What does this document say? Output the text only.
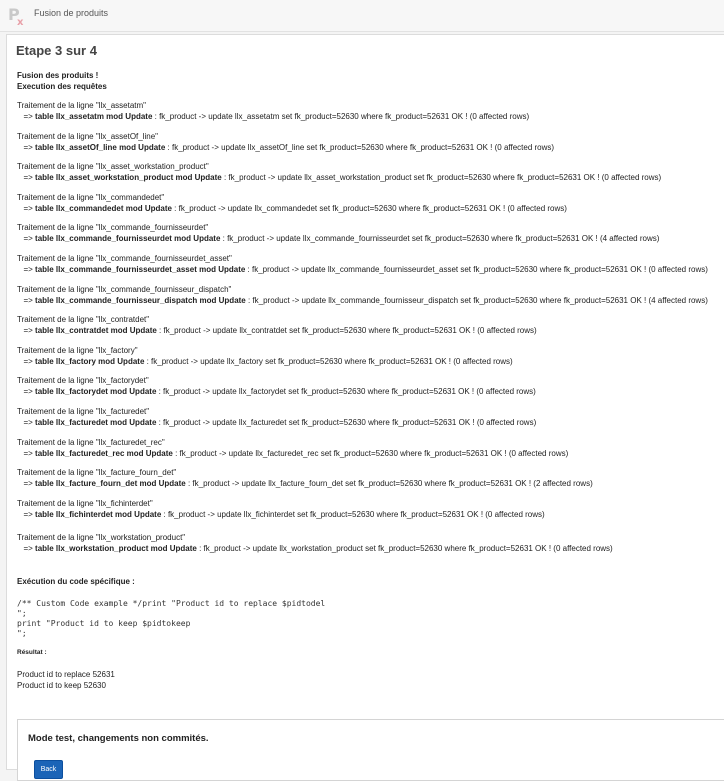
P
x
Fusion de produits
Etape 3 sur 4
Fusion des produits !
Execution des requêtes
Traitement de la ligne "llx_assetatm"
=> table llx_assetatm mod Update : fk_product -> update llx_assetatm set fk_product=52630 where fk_product=52631 OK ! (0 affected rows)
Traitement de la ligne "llx_assetOf_line"
=> table llx_assetOf_line mod Update : fk_product -> update llx_assetOf_line set fk_product=52630 where fk_product=52631 OK ! (0 affected rows)
Traitement de la ligne "llx_asset_workstation_product"
=> table llx_asset_workstation_product mod Update : fk_product -> update llx_asset_workstation_product set fk_product=52630 where fk_product=52631 OK ! (0 affected rows)
Traitement de la ligne "llx_commandedet"
=> table llx_commandedet mod Update : fk_product -> update llx_commandedet set fk_product=52630 where fk_product=52631 OK ! (0 affected rows)
Traitement de la ligne "llx_commande_fournisseurdet"
=> table llx_commande_fournisseurdet mod Update : fk_product -> update llx_commande_fournisseurdet set fk_product=52630 where fk_product=52631 OK ! (4 affected rows)
Traitement de la ligne "llx_commande_fournisseurdet_asset"
=> table llx_commande_fournisseurdet_asset mod Update : fk_product -> update llx_commande_fournisseurdet_asset set fk_product=52630 where fk_product=52631 OK ! (0 affected rows)
Traitement de la ligne "llx_commande_fournisseur_dispatch"
=> table llx_commande_fournisseur_dispatch mod Update : fk_product -> update llx_commande_fournisseur_dispatch set fk_product=52630 where fk_product=52631 OK ! (4 affected rows)
Traitement de la ligne "llx_contratdet"
=> table llx_contratdet mod Update : fk_product -> update llx_contratdet set fk_product=52630 where fk_product=52631 OK ! (0 affected rows)
Traitement de la ligne "llx_factory"
=> table llx_factory mod Update : fk_product -> update llx_factory set fk_product=52630 where fk_product=52631 OK ! (0 affected rows)
Traitement de la ligne "llx_factorydet"
=> table llx_factorydet mod Update : fk_product -> update llx_factorydet set fk_product=52630 where fk_product=52631 OK ! (0 affected rows)
Traitement de la ligne "llx_facturedet"
=> table llx_facturedet mod Update : fk_product -> update llx_facturedet set fk_product=52630 where fk_product=52631 OK ! (0 affected rows)
Traitement de la ligne "llx_facturedet_rec"
=> table llx_facturedet_rec mod Update : fk_product -> update llx_facturedet_rec set fk_product=52630 where fk_product=52631 OK ! (0 affected rows)
Traitement de la ligne "llx_facture_fourn_det"
=> table llx_facture_fourn_det mod Update : fk_product -> update llx_facture_fourn_det set fk_product=52630 where fk_product=52631 OK ! (2 affected rows)
Traitement de la ligne "llx_fichinterdet"
=> table llx_fichinterdet mod Update : fk_product -> update llx_fichinterdet set fk_product=52630 where fk_product=52631 OK ! (0 affected rows)
Traitement de la ligne "llx_workstation_product"
=> table llx_workstation_product mod Update : fk_product -> update llx_workstation_product set fk_product=52630 where fk_product=52631 OK ! (0 affected rows)
Exécution du code spécifique :
/** Custom Code example */print "Product id to replace $pidtodel
";
print "Product id to keep $pidtokeep
";
Résultat :
Product id to replace 52631
Product id to keep 52630
Mode test, changements non commités.
Back
